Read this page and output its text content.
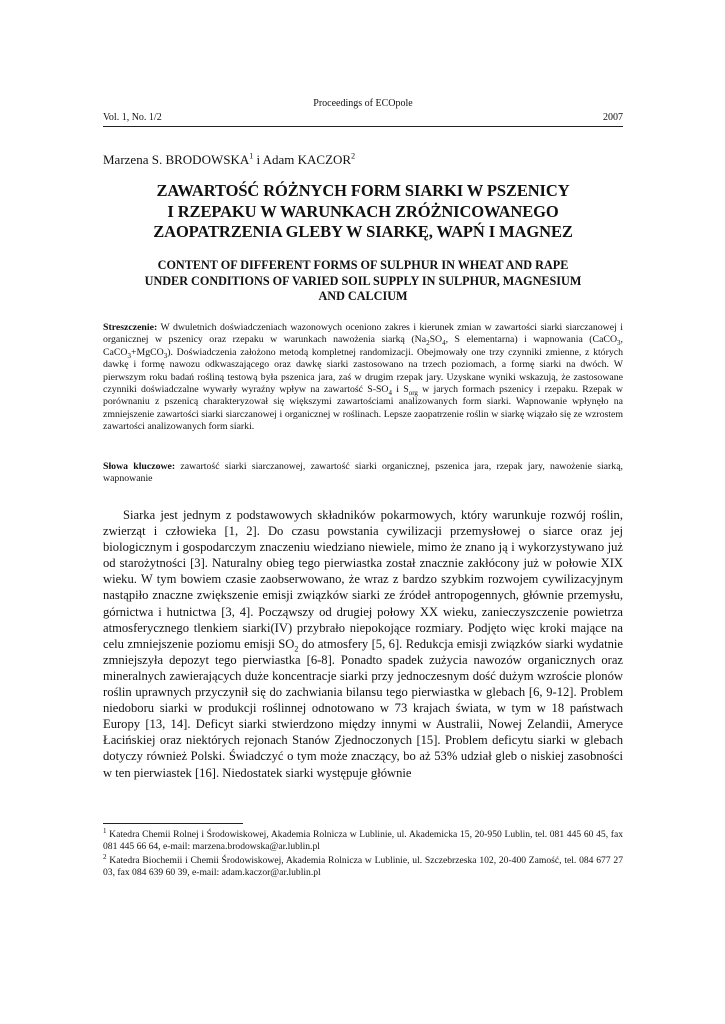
Proceedings of ECOpole
Vol. 1, No. 1/2	2007
Marzena S. BRODOWSKA$^1$ i Adam KACZOR$^2$
ZAWARTOŚĆ RÓŻNYCH FORM SIARKI W PSZENICY
I RZEPAKU W WARUNKACH ZRÓŻNICOWANEGO
ZAOPATRZENIA GLEBY W SIARKĘ, WAPŃ I MAGNEZ
CONTENT OF DIFFERENT FORMS OF SULPHUR IN WHEAT AND RAPE
UNDER CONDITIONS OF VARIED SOIL SUPPLY IN SULPHUR, MAGNESIUM
AND CALCIUM
Streszczenie: W dwuletnich doświadczeniach wazonowych oceniono zakres i kierunek zmian w zawartości siarki siarczanowej i organicznej w pszenicy oraz rzepaku w warunkach nawożenia siarką ($Na_2SO_4$, S elementarna) i wapnowania (CaCO$_3$, CaCO$_3$+MgCO$_3$). Doświadczenia założono metodą kompletnej randomizacji. Obejmowały one trzy czynniki zmienne, z których dawkę i formę nawozu odkwaszającego oraz dawkę siarki zastosowano na trzech poziomach, a formę siarki na dwóch. W pierwszym roku badań rośliną testową była pszenica jara, zaś w drugim rzepak jary. Uzyskane wyniki wskazują, że zastosowane czynniki doświadczalne wywarły wyraźny wpływ na zawartość $S-SO_4$ i $S_{org}$ w jarych formach pszenicy i rzepaku. Rzepak w porównaniu z pszenicą charakteryzował się większymi zawartościami analizowanych form siarki. Wapnowanie wpłynęło na zmniejszenie zawartości siarki siarczanowej i organicznej w roślinach. Lepsze zaopatrzenie roślin w siarkę wiązało się ze wzrostem zawartości analizowanych form siarki.
Słowa kluczowe: zawartość siarki siarczanowej, zawartość siarki organicznej, pszenica jara, rzepak jary, nawożenie siarką, wapnowanie
Siarka jest jednym z podstawowych składników pokarmowych, który warunkuje rozwój roślin, zwierząt i człowieka [1, 2]. Do czasu powstania cywilizacji przemysłowej o siarce oraz jej biologicznym i gospodarczym znaczeniu wiedziano niewiele, mimo że znano ją i wykorzystywano już od starożytności [3]. Naturalny obieg tego pierwiastka został znacznie zakłócony już w połowie XIX wieku. W tym bowiem czasie zaobserwowano, że wraz z bardzo szybkim rozwojem cywilizacyjnym nastąpiło znaczne zwiększenie emisji związków siarki ze źródeł antropogennych, głównie przemysłu, górnictwa i hutnictwa [3, 4]. Począwszy od drugiej połowy XX wieku, zanieczyszczenie powietrza atmosferycznego tlenkiem siarki(IV) przybrało niepokojące rozmiary. Podjęto więc kroki mające na celu zmniejszenie poziomu emisji $SO_2$ do atmosfery [5, 6]. Redukcja emisji związków siarki wydatnie zmniejszyła depozyt tego pierwiastka [6-8]. Ponadto spadek zużycia nawozów organicznych oraz mineralnych zawierających duże koncentracje siarki przy jednoczesnym dość dużym wzroście plonów roślin uprawnych przyczynił się do zachwiania bilansu tego pierwiastka w glebach [6, 9-12]. Problem niedoboru siarki w produkcji roślinnej odnotowano w 73 krajach świata, w tym w 18 państwach Europy [13, 14]. Deficyt siarki stwierdzono między innymi w Australii, Nowej Zelandii, Ameryce Łacińskiej oraz niektórych rejonach Stanów Zjednoczonych [15]. Problem deficytu siarki w glebach dotyczy również Polski. Świadczyć o tym może znaczący, bo aż 53% udział gleb o niskiej zasobności w ten pierwiastek [16]. Niedostatek siarki występuje głównie

$^1$ Katedra Chemii Rolnej i Środowiskowej, Akademia Rolnicza w Lublinie, ul. Akademicka 15, 20-950 Lublin, tel. 081 445 60 45, fax 081 445 66 64, e-mail: marzena.brodowska@ar.lublin.pl

$^2$ Katedra Biochemii i Chemii Środowiskowej, Akademia Rolnicza w Lublinie, ul. Szczebrzeska 102, 20-400 Zamość, tel. 084 677 27 03, fax 084 639 60 39, e-mail: adam.kaczor@ar.lublin.pl
